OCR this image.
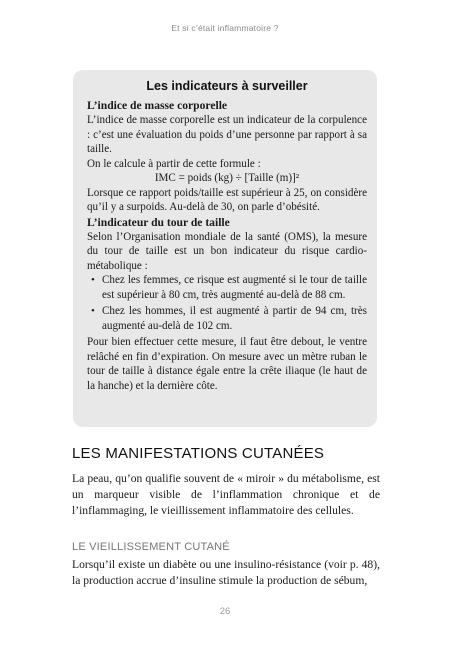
Et si c’était inflammatoire ?
Les indicateurs à surveiller
L’indice de masse corporelle

L’indice de masse corporelle est un indicateur de la corpulence : c’est une évaluation du poids d’une personne par rapport à sa taille.

On le calcule à partir de cette formule :

IMC = poids (kg) ÷ [Taille (m)]²

Lorsque ce rapport poids/taille est supérieur à 25, on considère qu’il y a surpoids. Au-delà de 30, on parle d’obésité.

L’indicateur du tour de taille

Selon l’Organisation mondiale de la santé (OMS), la mesure du tour de taille est un bon indicateur du risque cardio-métabolique :

• Chez les femmes, ce risque est augmenté si le tour de taille est supérieur à 80 cm, très augmenté au-delà de 88 cm.
• Chez les hommes, il est augmenté à partir de 94 cm, très augmenté au-delà de 102 cm.

Pour bien effectuer cette mesure, il faut être debout, le ventre relâché en fin d’expiration. On mesure avec un mètre ruban le tour de taille à distance égale entre la crête iliaque (le haut de la hanche) et la dernière côte.

LES MANIFESTATIONS CUTANÉES

La peau, qu’on qualifie souvent de « miroir » du métabolisme, est un marqueur visible de l’inflammation chronique et de l’inflammaging, le vieillissement inflammatoire des cellules.

LE VIEILLISSEMENT CUTANÉ

Lorsqu’il existe un diabète ou une insulino-résistance (voir p. 48), la production accrue d’insuline stimule la production de sébum,

26
